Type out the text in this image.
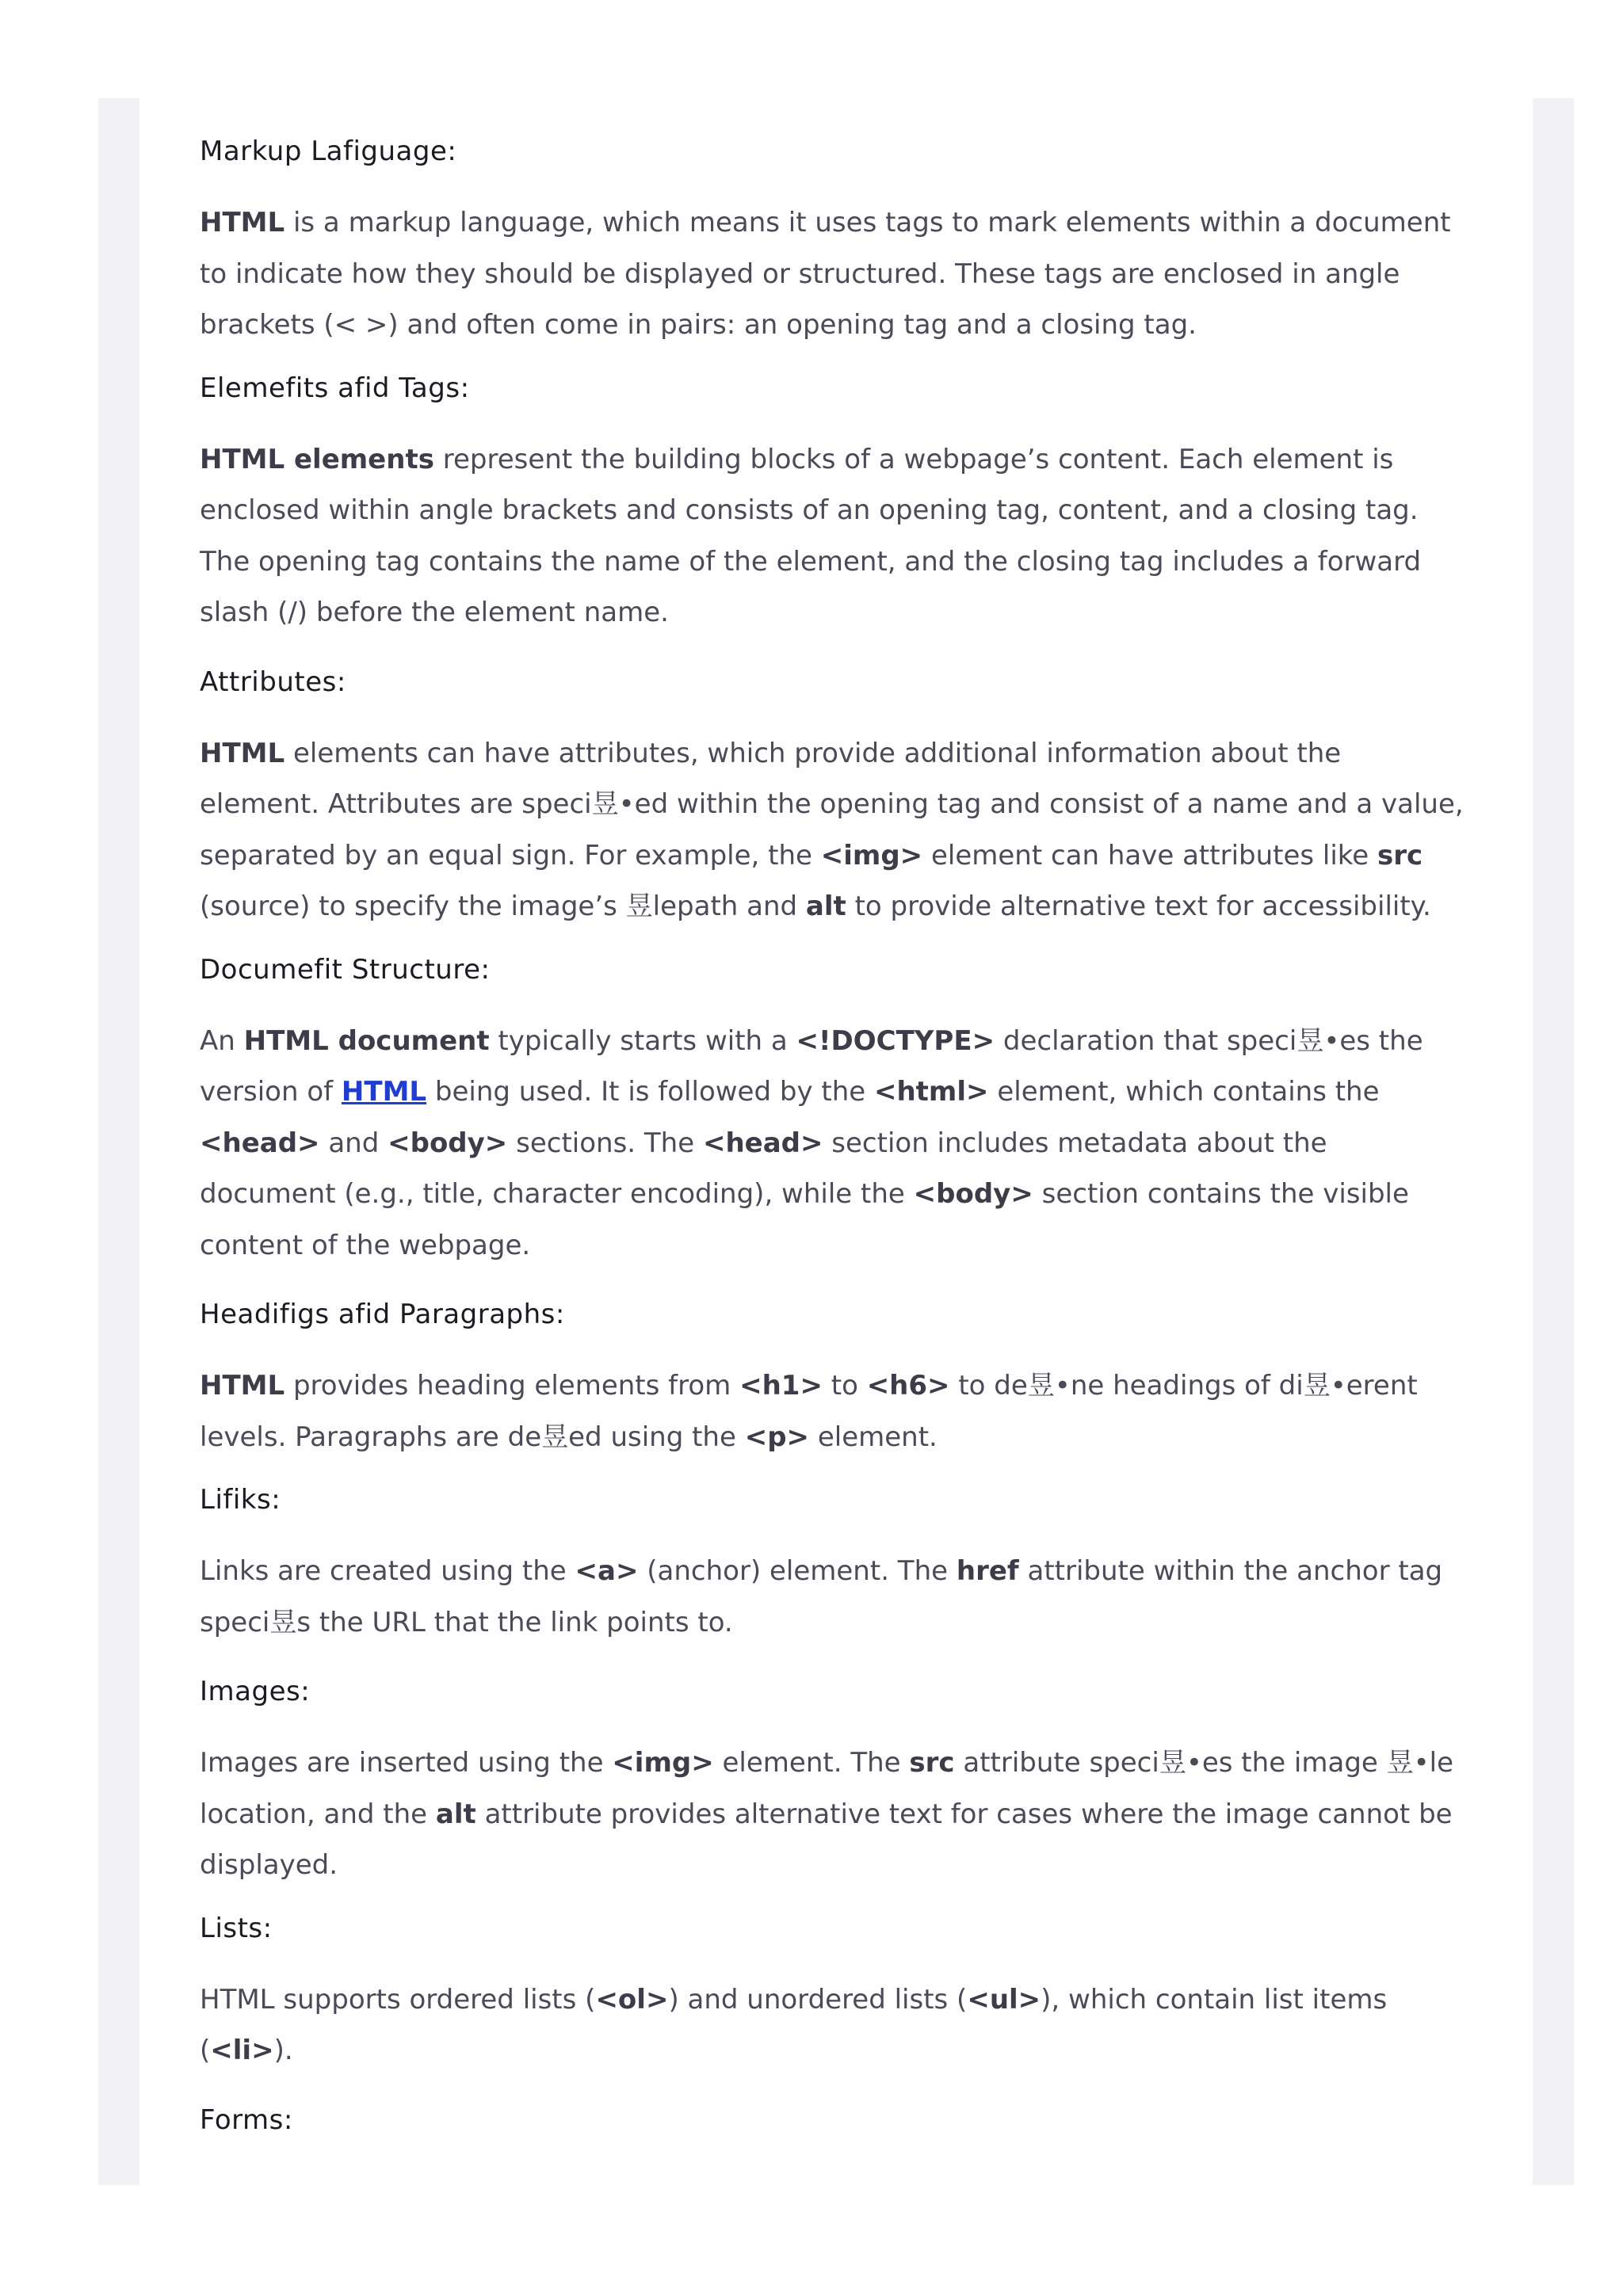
Markup Lafiguage:
HTML is a markup language, which means it uses tags to mark elements within a document to indicate how they should be displayed or structured. These tags are enclosed in angle brackets (< >) and often come in pairs: an opening tag and a closing tag.
Elemefits afid Tags:
HTML elements represent the building blocks of a webpage’s content. Each element is enclosed within angle brackets and consists of an opening tag, content, and a closing tag. The opening tag contains the name of the element, and the closing tag includes a forward slash (/) before the element name.
Attributes:
HTML elements can have attributes, which provide additional information about the element. Attributes are speci昱•ed within the opening tag and consist of a name and a value, separated by an equal sign. For example, the <img> element can have attributes like src (source) to specify the image’s 昱lepath and alt to provide alternative text for accessibility.
Documefit Structure:
An HTML document typically starts with a <!DOCTYPE> declaration that speci昱•es the version of HTML being used. It is followed by the <html> element, which contains the <head> and <body> sections. The <head> section includes metadata about the document (e.g., title, character encoding), while the <body> section contains the visible content of the webpage.
Headifigs afid Paragraphs:
HTML provides heading elements from <h1> to <h6> to de昱•ne headings of di昱•erent levels. Paragraphs are de昱ed using the <p> element.
Lifiks:
Links are created using the <a> (anchor) element. The href attribute within the anchor tag speci昱s the URL that the link points to.
Images:
Images are inserted using the <img> element. The src attribute speci昱•es the image 昱•le location, and the alt attribute provides alternative text for cases where the image cannot be displayed.
Lists:
HTML supports ordered lists (<ol>) and unordered lists (<ul>), which contain list items (<li>).
Forms:
